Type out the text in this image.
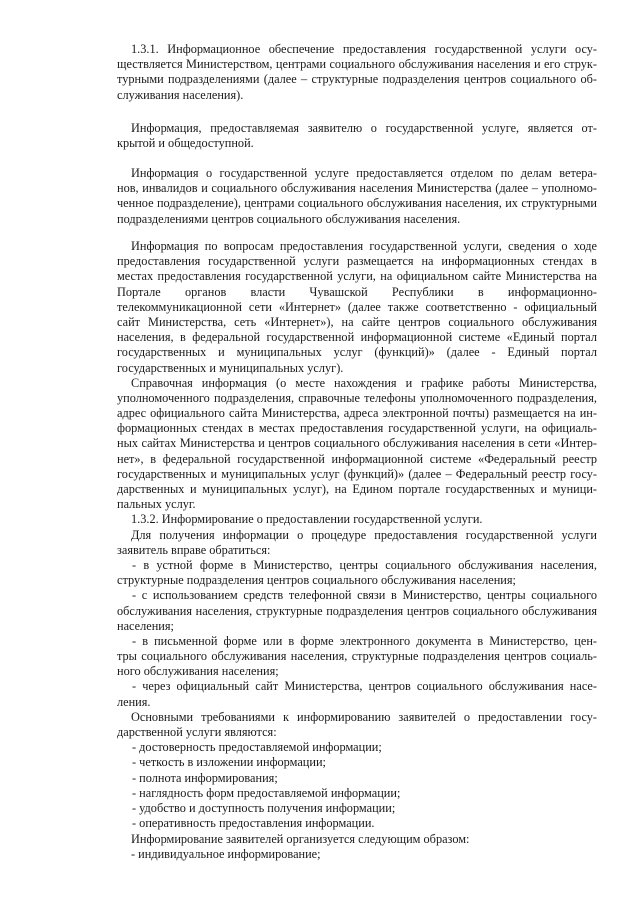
1.3.1. Информационное обеспечение предоставления государственной услуги осу-
ществляется Министерством, центрами социального обслуживания населения и его струк-
турными подразделениями (далее – структурные подразделения центров социального об-
служивания населения).
Информация, предоставляемая заявителю о государственной услуге, является от-
крытой и общедоступной.
Информация о государственной услуге предоставляется отделом по делам ветера-
нов, инвалидов и социального обслуживания населения Министерства (далее – уполномо-
ченное подразделение), центрами социального обслуживания населения, их структурными
подразделениями центров социального обслуживания населения.
Информация по вопросам предоставления государственной услуги, сведения о ходе
предоставления государственной услуги размещается на информационных стендах в
местах предоставления государственной услуги, на официальном сайте Министерства на
Портале органов власти Чувашской Республики в информационно-
телекоммуникационной сети «Интернет» (далее также соответственно - официальный
сайт Министерства, сеть «Интернет»), на сайте центров социального обслуживания
населения, в федеральной государственной информационной системе «Единый портал
государственных и муниципальных услуг (функций)» (далее - Единый портал
государственных и муниципальных услуг).
Справочная информация (о месте нахождения и графике работы Министерства,
уполномоченного подразделения, справочные телефоны уполномоченного подразделения,
адрес официального сайта Министерства, адреса электронной почты) размещается на ин-
формационных стендах в местах предоставления государственной услуги, на официаль-
ных сайтах Министерства и центров социального обслуживания населения в сети «Интер-
нет», в федеральной государственной информационной системе «Федеральный реестр
государственных и муниципальных услуг (функций)» (далее – Федеральный реестр госу-
дарственных и муниципальных услуг), на Едином портале государственных и муници-
пальных услуг.
1.3.2. Информирование о предоставлении государственной услуги.
Для получения информации о процедуре предоставления государственной услуги
заявитель вправе обратиться:
- в устной форме в Министерство, центры социального обслуживания населения,
структурные подразделения центров социального обслуживания населения;
- с использованием средств телефонной связи в Министерство, центры социального
обслуживания населения, структурные подразделения центров социального обслуживания
населения;
- в письменной форме или в форме электронного документа в Министерство, цен-
тры социального обслуживания населения, структурные подразделения центров социаль-
ного обслуживания населения;
- через официальный сайт Министерства, центров социального обслуживания насе-
ления.
Основными требованиями к информированию заявителей о предоставлении госу-
дарственной услуги являются:
- достоверность предоставляемой информации;
- четкость в изложении информации;
- полнота информирования;
- наглядность форм предоставляемой информации;
- удобство и доступность получения информации;
- оперативность предоставления информации.
Информирование заявителей организуется следующим образом:
- индивидуальное информирование;
